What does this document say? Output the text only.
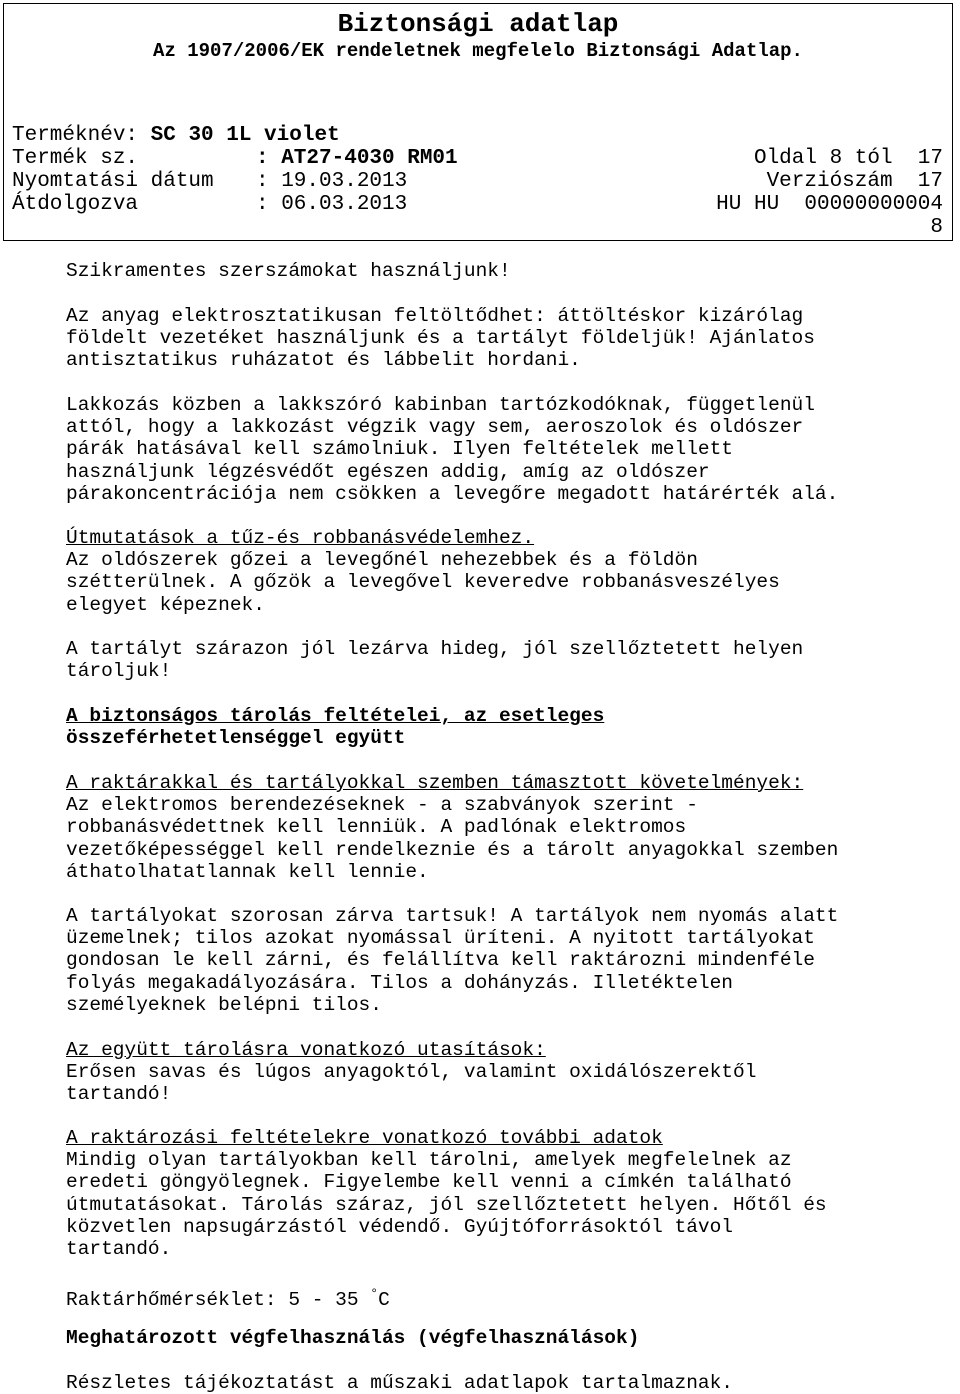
Biztonsági adatlap
Az 1907/2006/EK rendeletnek megfelelo Biztonsági Adatlap.
Terméknév: SC 30 1L violet
Termék sz.	: AT27-4030 RM01	Oldal 8 tól  17
Nyomtatási dátum : 19.03.2013	Verziószám  17
Átdolgozva	: 06.03.2013	HU HU  00000000004
8
Szikramentes szerszámokat használjunk!
Az anyag elektrosztatikusan feltöltődhet: áttöltéskor kizárólag
földelt vezetéket használjunk és a tartályt földeljük! Ajánlatos
antisztatikus ruházatot és lábbelit hordani.
Lakkozás közben a lakkszóró kabinban tartózkodóknak, függetlenül
attól, hogy a lakkozást végzik vagy sem, aeroszolok és oldószer
párák hatásával kell számolniuk. Ilyen feltételek mellett
használjunk légzésvédőt egészen addig, amíg az oldószer
párakoncentrációja nem csökken a levegőre megadott határérték alá.
Útmutatások a tűz-és robbanásvédelemhez.
Az oldószerek gőzei a levegőnél nehezebbek és a földön
szétterülnek. A gőzök a levegővel keveredve robbanásveszélyes
elegyet képeznek.
A tartályt szárazon jól lezárva hideg, jól szellőztetett helyen
tároljuk!
A biztonságos tárolás feltételei, az esetleges
összeférhetetlenséggel együtt
A raktárakkal és tartályokkal szemben támasztott követelmények:
Az elektromos berendezéseknek - a szabványok szerint -
robbanásvédettnek kell lenniük. A padlónak elektromos
vezetőképességgel kell rendelkeznie és a tárolt anyagokkal szemben
áthatolhatatlannak kell lennie.
A tartályokat szorosan zárva tartsuk! A tartályok nem nyomás alatt
üzemelnek; tilos azokat nyomással üríteni. A nyitott tartályokat
gondosan le kell zárni, és felállítva kell raktározni mindenféle
folyás megakadályozására. Tilos a dohányzás. Illetéktelen
személyeknek belépni tilos.
Az együtt tárolásra vonatkozó utasítások:
Erősen savas és lúgos anyagoktól, valamint oxidálószerektől
tartandó!
A raktározási feltételekre vonatkozó további adatok
Mindig olyan tartályokban kell tárolni, amelyek megfelelnek az
eredeti göngyölegnek. Figyelembe kell venni a címkén található
útmutatásokat. Tárolás száraz, jól szellőztetett helyen. Hőtől és
közvetlen napsugárzástól védendő. Gyújtóforrásoktól távol
tartandó.
Raktárhőmérséklet: 5 - 35 °C
Meghatározott végfelhasználás (végfelhasználások)
Részletes tájékoztatást a műszaki adatlapok tartalmaznak.
